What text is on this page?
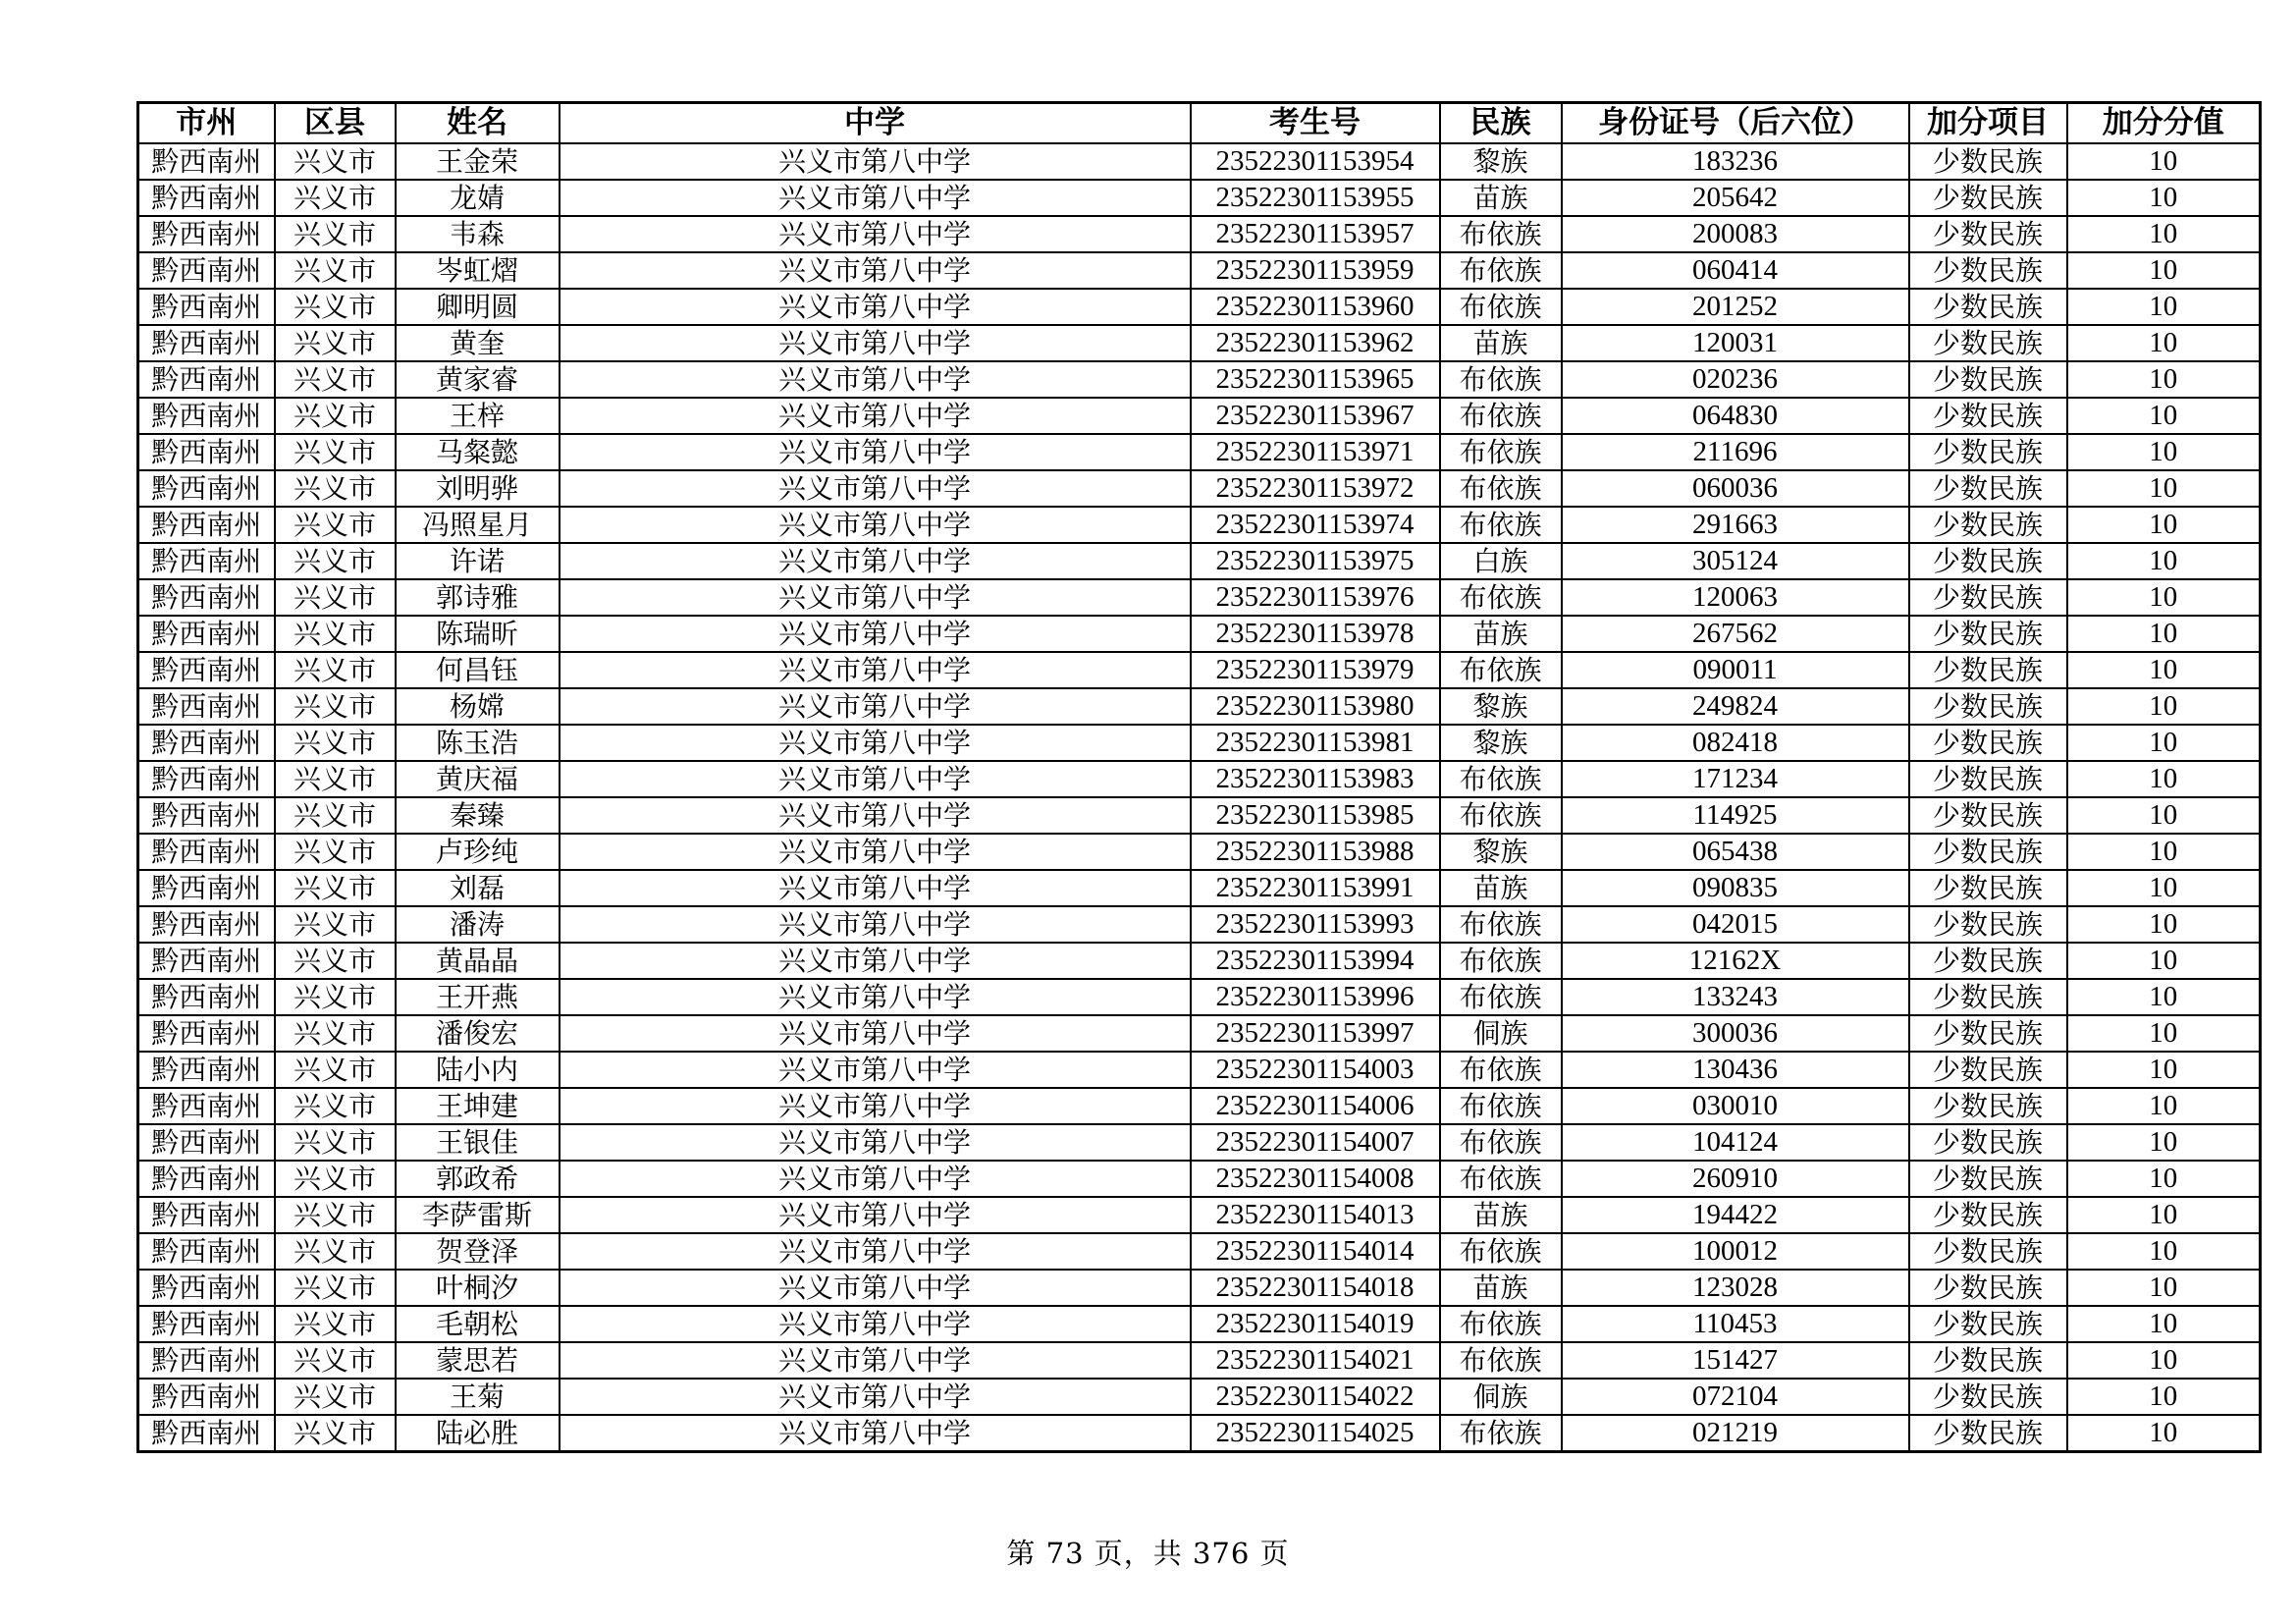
市州	区县	姓名	中学	考生号	民族	身份证号（后六位）	加分项目	加分分值
黔西南州	兴义市	王金荣	兴义市第八中学	23522301153954	黎族	183236	少数民族	10
黔西南州	兴义市	龙婧	兴义市第八中学	23522301153955	苗族	205642	少数民族	10
黔西南州	兴义市	韦森	兴义市第八中学	23522301153957	布依族	200083	少数民族	10
黔西南州	兴义市	岑虹熠	兴义市第八中学	23522301153959	布依族	060414	少数民族	10
黔西南州	兴义市	卿明圆	兴义市第八中学	23522301153960	布依族	201252	少数民族	10
黔西南州	兴义市	黄奎	兴义市第八中学	23522301153962	苗族	120031	少数民族	10
黔西南州	兴义市	黄家睿	兴义市第八中学	23522301153965	布依族	020236	少数民族	10
黔西南州	兴义市	王梓	兴义市第八中学	23522301153967	布依族	064830	少数民族	10
黔西南州	兴义市	马粲懿	兴义市第八中学	23522301153971	布依族	211696	少数民族	10
黔西南州	兴义市	刘明骅	兴义市第八中学	23522301153972	布依族	060036	少数民族	10
黔西南州	兴义市	冯照星月	兴义市第八中学	23522301153974	布依族	291663	少数民族	10
黔西南州	兴义市	许诺	兴义市第八中学	23522301153975	白族	305124	少数民族	10
黔西南州	兴义市	郭诗雅	兴义市第八中学	23522301153976	布依族	120063	少数民族	10
黔西南州	兴义市	陈瑞昕	兴义市第八中学	23522301153978	苗族	267562	少数民族	10
黔西南州	兴义市	何昌钰	兴义市第八中学	23522301153979	布依族	090011	少数民族	10
黔西南州	兴义市	杨嫦	兴义市第八中学	23522301153980	黎族	249824	少数民族	10
黔西南州	兴义市	陈玉浩	兴义市第八中学	23522301153981	黎族	082418	少数民族	10
黔西南州	兴义市	黄庆福	兴义市第八中学	23522301153983	布依族	171234	少数民族	10
黔西南州	兴义市	秦臻	兴义市第八中学	23522301153985	布依族	114925	少数民族	10
黔西南州	兴义市	卢珍纯	兴义市第八中学	23522301153988	黎族	065438	少数民族	10
黔西南州	兴义市	刘磊	兴义市第八中学	23522301153991	苗族	090835	少数民族	10
黔西南州	兴义市	潘涛	兴义市第八中学	23522301153993	布依族	042015	少数民族	10
黔西南州	兴义市	黄晶晶	兴义市第八中学	23522301153994	布依族	12162X	少数民族	10
黔西南州	兴义市	王开燕	兴义市第八中学	23522301153996	布依族	133243	少数民族	10
黔西南州	兴义市	潘俊宏	兴义市第八中学	23522301153997	侗族	300036	少数民族	10
黔西南州	兴义市	陆小内	兴义市第八中学	23522301154003	布依族	130436	少数民族	10
黔西南州	兴义市	王坤建	兴义市第八中学	23522301154006	布依族	030010	少数民族	10
黔西南州	兴义市	王银佳	兴义市第八中学	23522301154007	布依族	104124	少数民族	10
黔西南州	兴义市	郭政希	兴义市第八中学	23522301154008	布依族	260910	少数民族	10
黔西南州	兴义市	李萨雷斯	兴义市第八中学	23522301154013	苗族	194422	少数民族	10
黔西南州	兴义市	贺登泽	兴义市第八中学	23522301154014	布依族	100012	少数民族	10
黔西南州	兴义市	叶桐汐	兴义市第八中学	23522301154018	苗族	123028	少数民族	10
黔西南州	兴义市	毛朝松	兴义市第八中学	23522301154019	布依族	110453	少数民族	10
黔西南州	兴义市	蒙思若	兴义市第八中学	23522301154021	布依族	151427	少数民族	10
黔西南州	兴义市	王菊	兴义市第八中学	23522301154022	侗族	072104	少数民族	10
黔西南州	兴义市	陆必胜	兴义市第八中学	23522301154025	布依族	021219	少数民族	10
第 73 页，共 376 页
